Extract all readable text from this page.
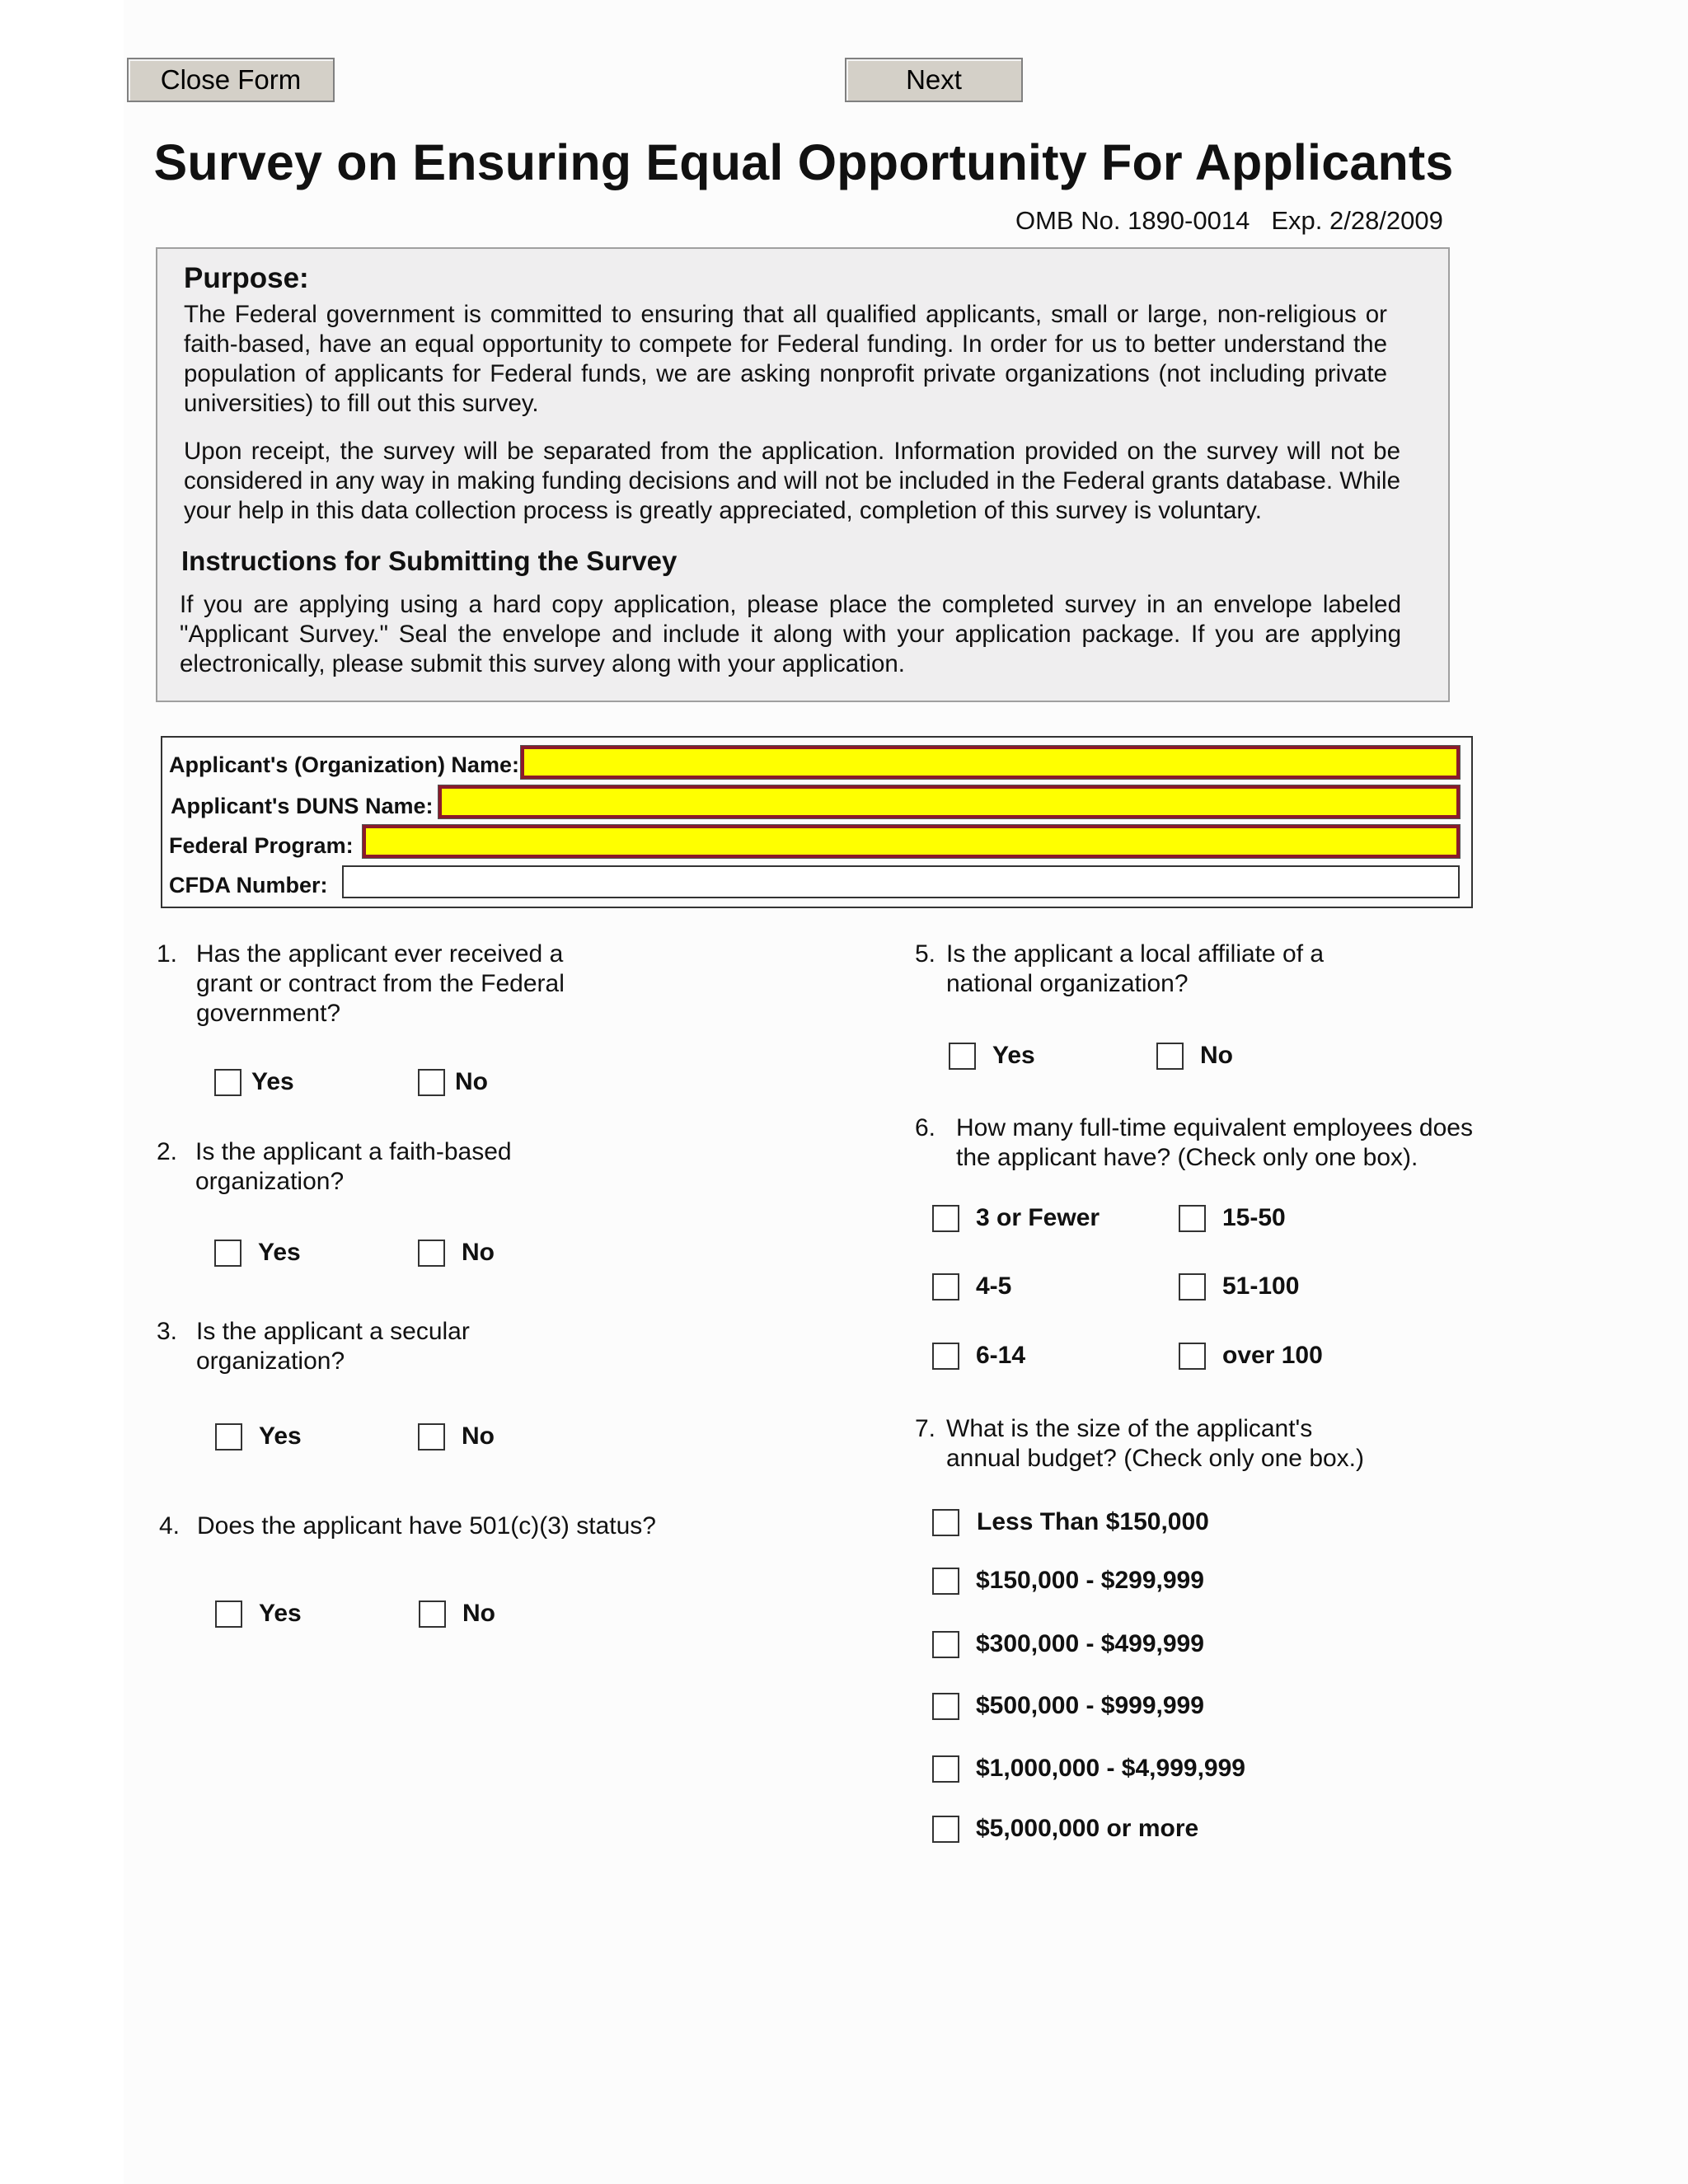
Close Form	Next
Survey on Ensuring Equal Opportunity For Applicants
OMB No. 1890-0014 Exp. 2/28/2009
Purpose:
The Federal government is committed to ensuring that all qualified applicants, small or large, non-religious or faith-based, have an equal opportunity to compete for Federal funding. In order for us to better understand the population of applicants for Federal funds, we are asking nonprofit private organizations (not including private universities) to fill out this survey.
Upon receipt, the survey will be separated from the application. Information provided on the survey will not be considered in any way in making funding decisions and will not be included in the Federal grants database. While your help in this data collection process is greatly appreciated, completion of this survey is voluntary.
Instructions for Submitting the Survey
If you are applying using a hard copy application, please place the completed survey in an envelope labeled "Applicant Survey." Seal the envelope and include it along with your application package. If you are applying electronically, please submit this survey along with your application.
Applicant's (Organization) Name:
Applicant's DUNS Name:
Federal Program:
CFDA Number:
1. Has the applicant ever received a
grant or contract from the Federal
government?
Yes	No
2. Is the applicant a faith-based
organization?
Yes	No
3. Is the applicant a secular
organization?
Yes	No
4. Does the applicant have 501(c)(3) status?
Yes	No
5. Is the applicant a local affiliate of a
national organization?
Yes	No
6. How many full-time equivalent employees does
the applicant have? (Check only one box).
3 or Fewer	15-50
4-5	51-100
6-14	over 100
7. What is the size of the applicant's
annual budget? (Check only one box.)
Less Than $150,000
$150,000 - $299,999
$300,000 - $499,999
$500,000 - $999,999
$1,000,000 - $4,999,999
$5,000,000 or more
